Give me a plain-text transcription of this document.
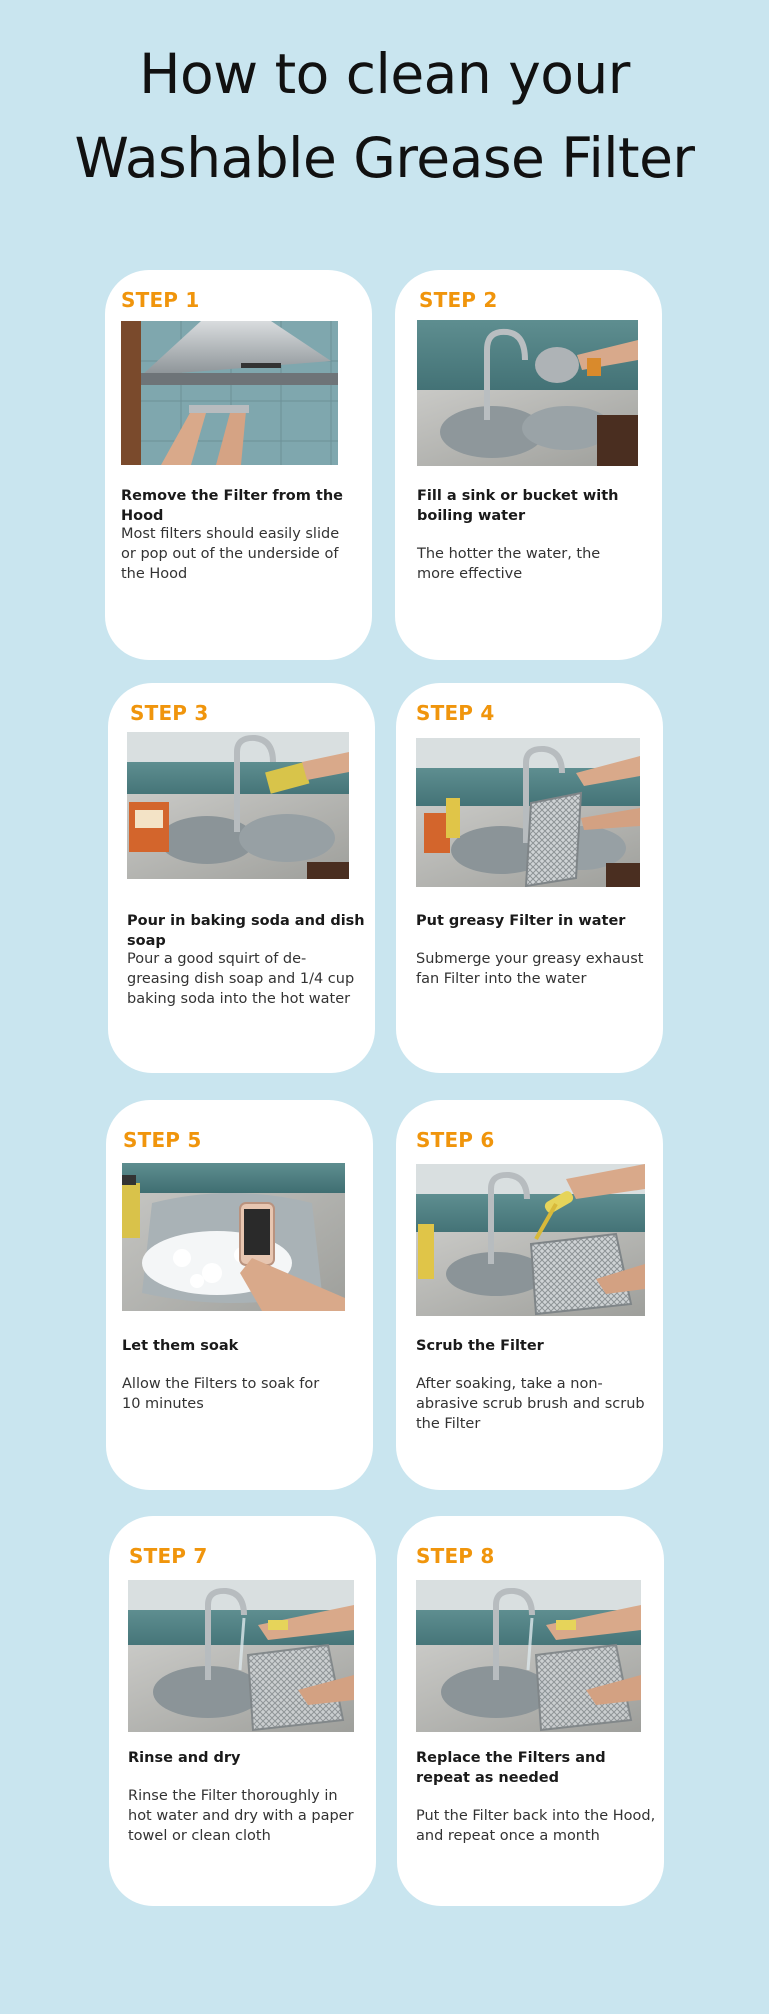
How to clean your
Washable Grease Filter
STEP 1
Remove the Filter from the Hood
Most filters should easily slide or pop out of the underside of the Hood
STEP 2
Fill a sink or bucket with boiling water
The hotter the water, the more effective
STEP 3
Pour in baking soda and dish soap
Pour a good squirt of de-greasing dish soap and 1/4 cup baking soda into the hot water
STEP 4
Put greasy Filter in water
Submerge your greasy exhaust fan Filter into the water
STEP 5
Let them soak
Allow the Filters to soak for 10 minutes
STEP 6
Scrub the Filter
After soaking, take a non-abrasive scrub brush and scrub the Filter
STEP 7
Rinse and dry
Rinse the Filter thoroughly in hot water and dry with a paper towel or clean cloth
STEP 8
Replace the Filters and repeat as needed
Put the Filter back into the Hood, and repeat once a month
